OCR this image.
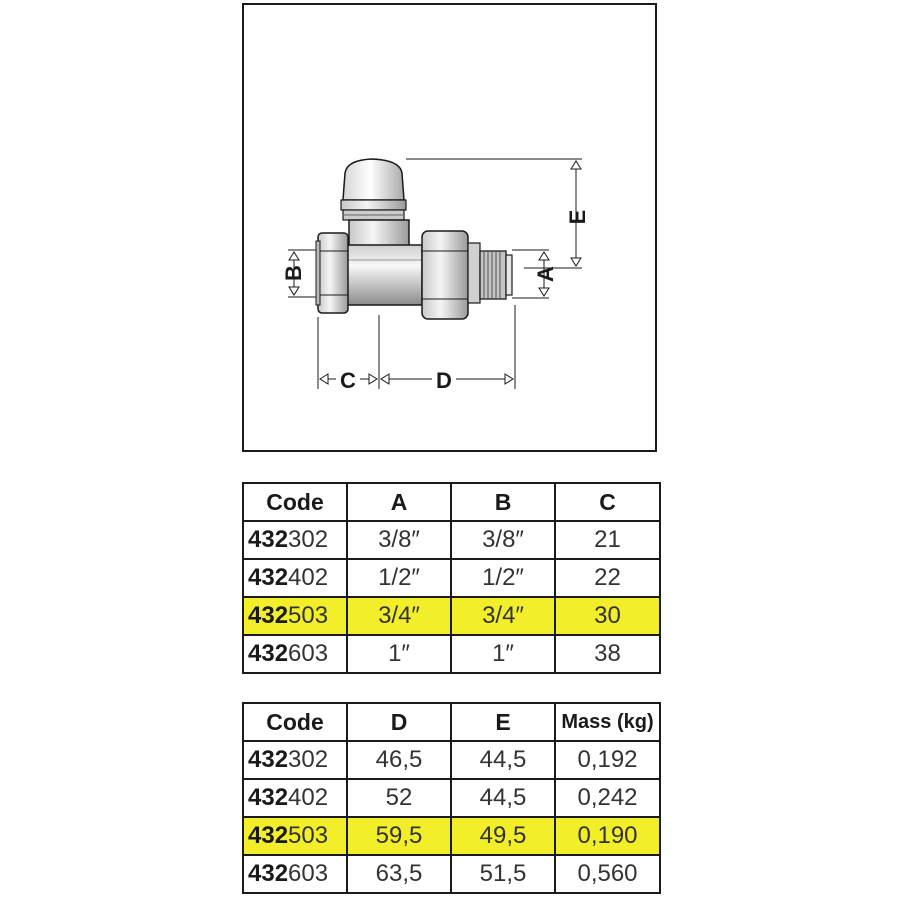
E
A
B
C	D
Code	A	B	C
432302	3/8″	3/8″	21
432402	1/2″	1/2″	22
432503	3/4″	3/4″	30
432603	1″	1″	38
Code	D	E	Mass (kg)
432302	46,5	44,5	0,192
432402	52	44,5	0,242
432503	59,5	49,5	0,190
432603	63,5	51,5	0,560
